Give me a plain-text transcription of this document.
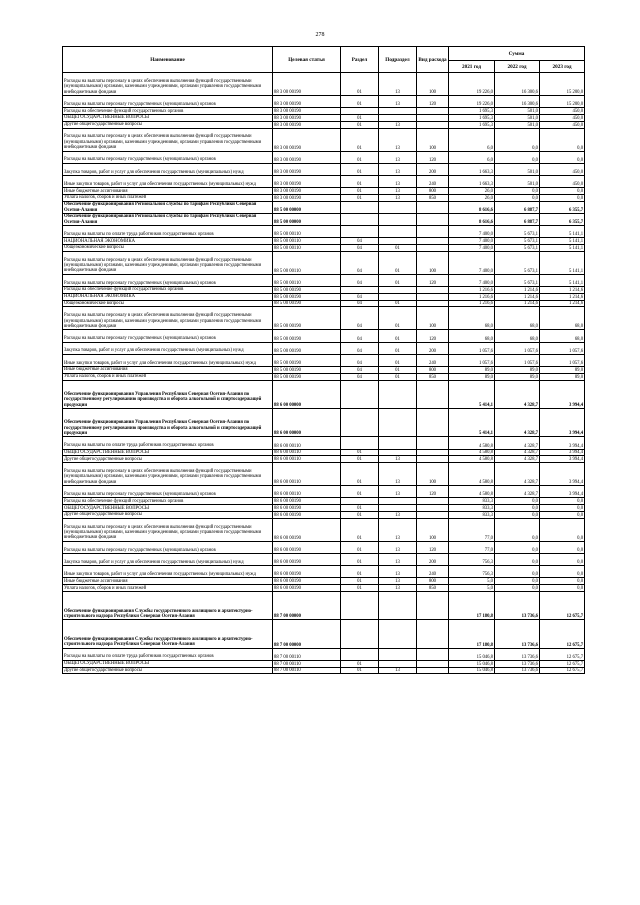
278
Наименование	Целевая статья	Раздел	Подраздел	Вид расхода	Сумма		
					2021 год	2022 год	2023 год
Расходы на выплаты персоналу в целях обеспечения выполнения функций государственными (муниципальными) органами, казенными учреждениями, органами управления государственными внебюджетными фондами	88 3 00 00190	01	13	100	19 226,0	16 300,6	15 200,0
Расходы на выплаты персоналу государственных (муниципальных) органов	88 3 00 00190	01	13	120	19 226,0	16 300,6	15 200,0
Расходы на обеспечение функций государственных органов	88 3 00 00190				1 695,3	501,0	450,0
ОБЩЕГОСУДАРСТВЕННЫЕ ВОПРОСЫ	88 3 00 00190	01			1 695,3	501,0	450,0
Другие общегосударственные вопросы	88 3 00 00190	01	13		1 695,3	501,0	450,0
Расходы на выплаты персоналу в целях обеспечения выполнения функций государственными (муниципальными) органами, казенными учреждениями, органами управления государственными внебюджетными фондами	88 3 00 00190	01	13	100	6,0	0,0	0,0
Расходы на выплаты персоналу государственных (муниципальных) органов	88 3 00 00190	01	13	120	6,0	0,0	0,0
Закупка товаров, работ и услуг для обеспечения государственных (муниципальных) нужд	88 3 00 00190	01	13	200	1 663,3	501,0	450,0
Иные закупки товаров, работ и услуг для обеспечения государственных (муниципальных) нужд	88 3 00 00190	01	13	240	1 663,3	501,0	450,0
Иные бюджетные ассигнования	88 3 00 00190	01	13	800	26,0	0,0	0,0
Уплата налогов, сборов и иных платежей	88 3 00 00190	01	13	850	26,0	0,0	0,0
Обеспечение функционирования Региональной службы по тарифам Республики Северная Осетия-Алания	88 5 00 00000				8 616,6	6 887,7	6 355,7
Обеспечение функционирования Региональной службы по тарифам Республики Северная Осетия-Алания	88 5 00 00000				8 616,6	6 887,7	6 355,7
Расходы на выплаты по оплате труда работников государственных органов	88 5 00 00110				7 400,0	5 673,1	5 141,1
НАЦИОНАЛЬНАЯ ЭКОНОМИКА	88 5 00 00110	04			7 400,0	5 673,1	5 141,1
Общеэкономические вопросы	88 5 00 00110	04	01		7 400,0	5 673,1	5 141,1
Расходы на выплаты персоналу в целях обеспечения выполнения функций государственными (муниципальными) органами, казенными учреждениями, органами управления государственными внебюджетными фондами	88 5 00 00110	04	01	100	7 400,0	5 673,1	5 141,1
Расходы на выплаты персоналу государственных (муниципальных) органов	88 5 00 00110	04	01	120	7 400,0	5 673,1	5 141,1
Расходы на обеспечение функций государственных органов	88 5 00 00190				1 216,6	1 214,6	1 214,6
НАЦИОНАЛЬНАЯ ЭКОНОМИКА	88 5 00 00190	04			1 216,6	1 214,6	1 214,6
Общеэкономические вопросы	88 5 00 00190	04	01		1 216,6	1 214,6	1 214,6
Расходы на выплаты персоналу в целях обеспечения выполнения функций государственными (муниципальными) органами, казенными учреждениями, органами управления государственными внебюджетными фондами	88 5 00 00190	04	01	100	68,0	68,0	68,0
Расходы на выплаты персоналу государственных (муниципальных) органов	88 5 00 00190	04	01	120	68,0	68,0	68,0
Закупка товаров, работ и услуг для обеспечения государственных (муниципальных) нужд	88 5 00 00190	04	01	200	1 057,6	1 057,6	1 057,6
Иные закупки товаров, работ и услуг для обеспечения государственных (муниципальных) нужд	88 5 00 00190	04	01	240	1 057,6	1 057,6	1 057,6
Иные бюджетные ассигнования	88 5 00 00190	04	01	800	89,0	89,0	89,0
Уплата налогов, сборов и иных платежей	88 5 00 00190	04	01	850	89,0	89,0	89,0
Обеспечение функционирования Управления Республики Северная Осетия-Алания по государственному регулированию производства и оборота алкогольной и спиртосодержащей продукции	88 6 00 00000				5 414,1	4 328,7	3 994,4
Обеспечение функционирования Управления Республики Северная Осетия-Алания по государственному регулированию производства и оборота алкогольной и спиртосодержащей продукции	88 6 00 00000				5 414,1	4 328,7	3 994,4
Расходы на выплаты по оплате труда работников государственных органов	88 6 00 00110				4 580,8	4 328,7	3 994,4
ОБЩЕГОСУДАРСТВЕННЫЕ ВОПРОСЫ	88 6 00 00110	01			4 580,8	4 328,7	3 994,4
Другие общегосударственные вопросы	88 6 00 00110	01	13		4 580,8	4 328,7	3 994,4
Расходы на выплаты персоналу в целях обеспечения выполнения функций государственными (муниципальными) органами, казенными учреждениями, органами управления государственными внебюджетными фондами	88 6 00 00110	01	13	100	4 580,8	4 328,7	3 994,4
Расходы на выплаты персоналу государственных (муниципальных) органов	88 6 00 00110	01	13	120	4 580,8	4 328,7	3 994,4
Расходы на обеспечение функций государственных органов	88 6 00 00190				833,3	0,0	0,0
ОБЩЕГОСУДАРСТВЕННЫЕ ВОПРОСЫ	88 6 00 00190	01			833,3	0,0	0,0
Другие общегосударственные вопросы	88 6 00 00190	01	13		833,3	0,0	0,0
Расходы на выплаты персоналу в целях обеспечения выполнения функций государственными (муниципальными) органами, казенными учреждениями, органами управления государственными внебюджетными фондами	88 6 00 00190	01	13	100	77,0	0,0	0,0
Расходы на выплаты персоналу государственных (муниципальных) органов	88 6 00 00190	01	13	120	77,0	0,0	0,0
Закупка товаров, работ и услуг для обеспечения государственных (муниципальных) нужд	88 6 00 00190	01	13	200	756,3	0,0	0,0
Иные закупки товаров, работ и услуг для обеспечения государственных (муниципальных) нужд	88 6 00 00190	01	13	240	756,3	0,0	0,0
Иные бюджетные ассигнования	88 6 00 00190	01	13	800	5,0	0,0	0,0
Уплата налогов, сборов и иных платежей	88 6 00 00190	01	13	850	5,0	0,0	0,0
Обеспечение функционирования Службы государственного жилищного и архитектурно-строительного надзора Республики Северная Осетия-Алания	88 7 00 00000				17 180,8	13 736,6	12 675,7
Обеспечение функционирования Службы государственного жилищного и архитектурно-строительного надзора Республики Северная Осетия-Алания	88 7 00 00000				17 180,8	13 736,6	12 675,7
Расходы на выплаты по оплате труда работников государственных органов	88 7 00 00110				15 046,8	13 736,6	12 675,7
ОБЩЕГОСУДАРСТВЕННЫЕ ВОПРОСЫ	88 7 00 00110	01			15 046,8	13 736,6	12 675,7
Другие общегосударственные вопросы	88 7 00 00110	01	13		15 046,8	13 736,6	12 675,7
